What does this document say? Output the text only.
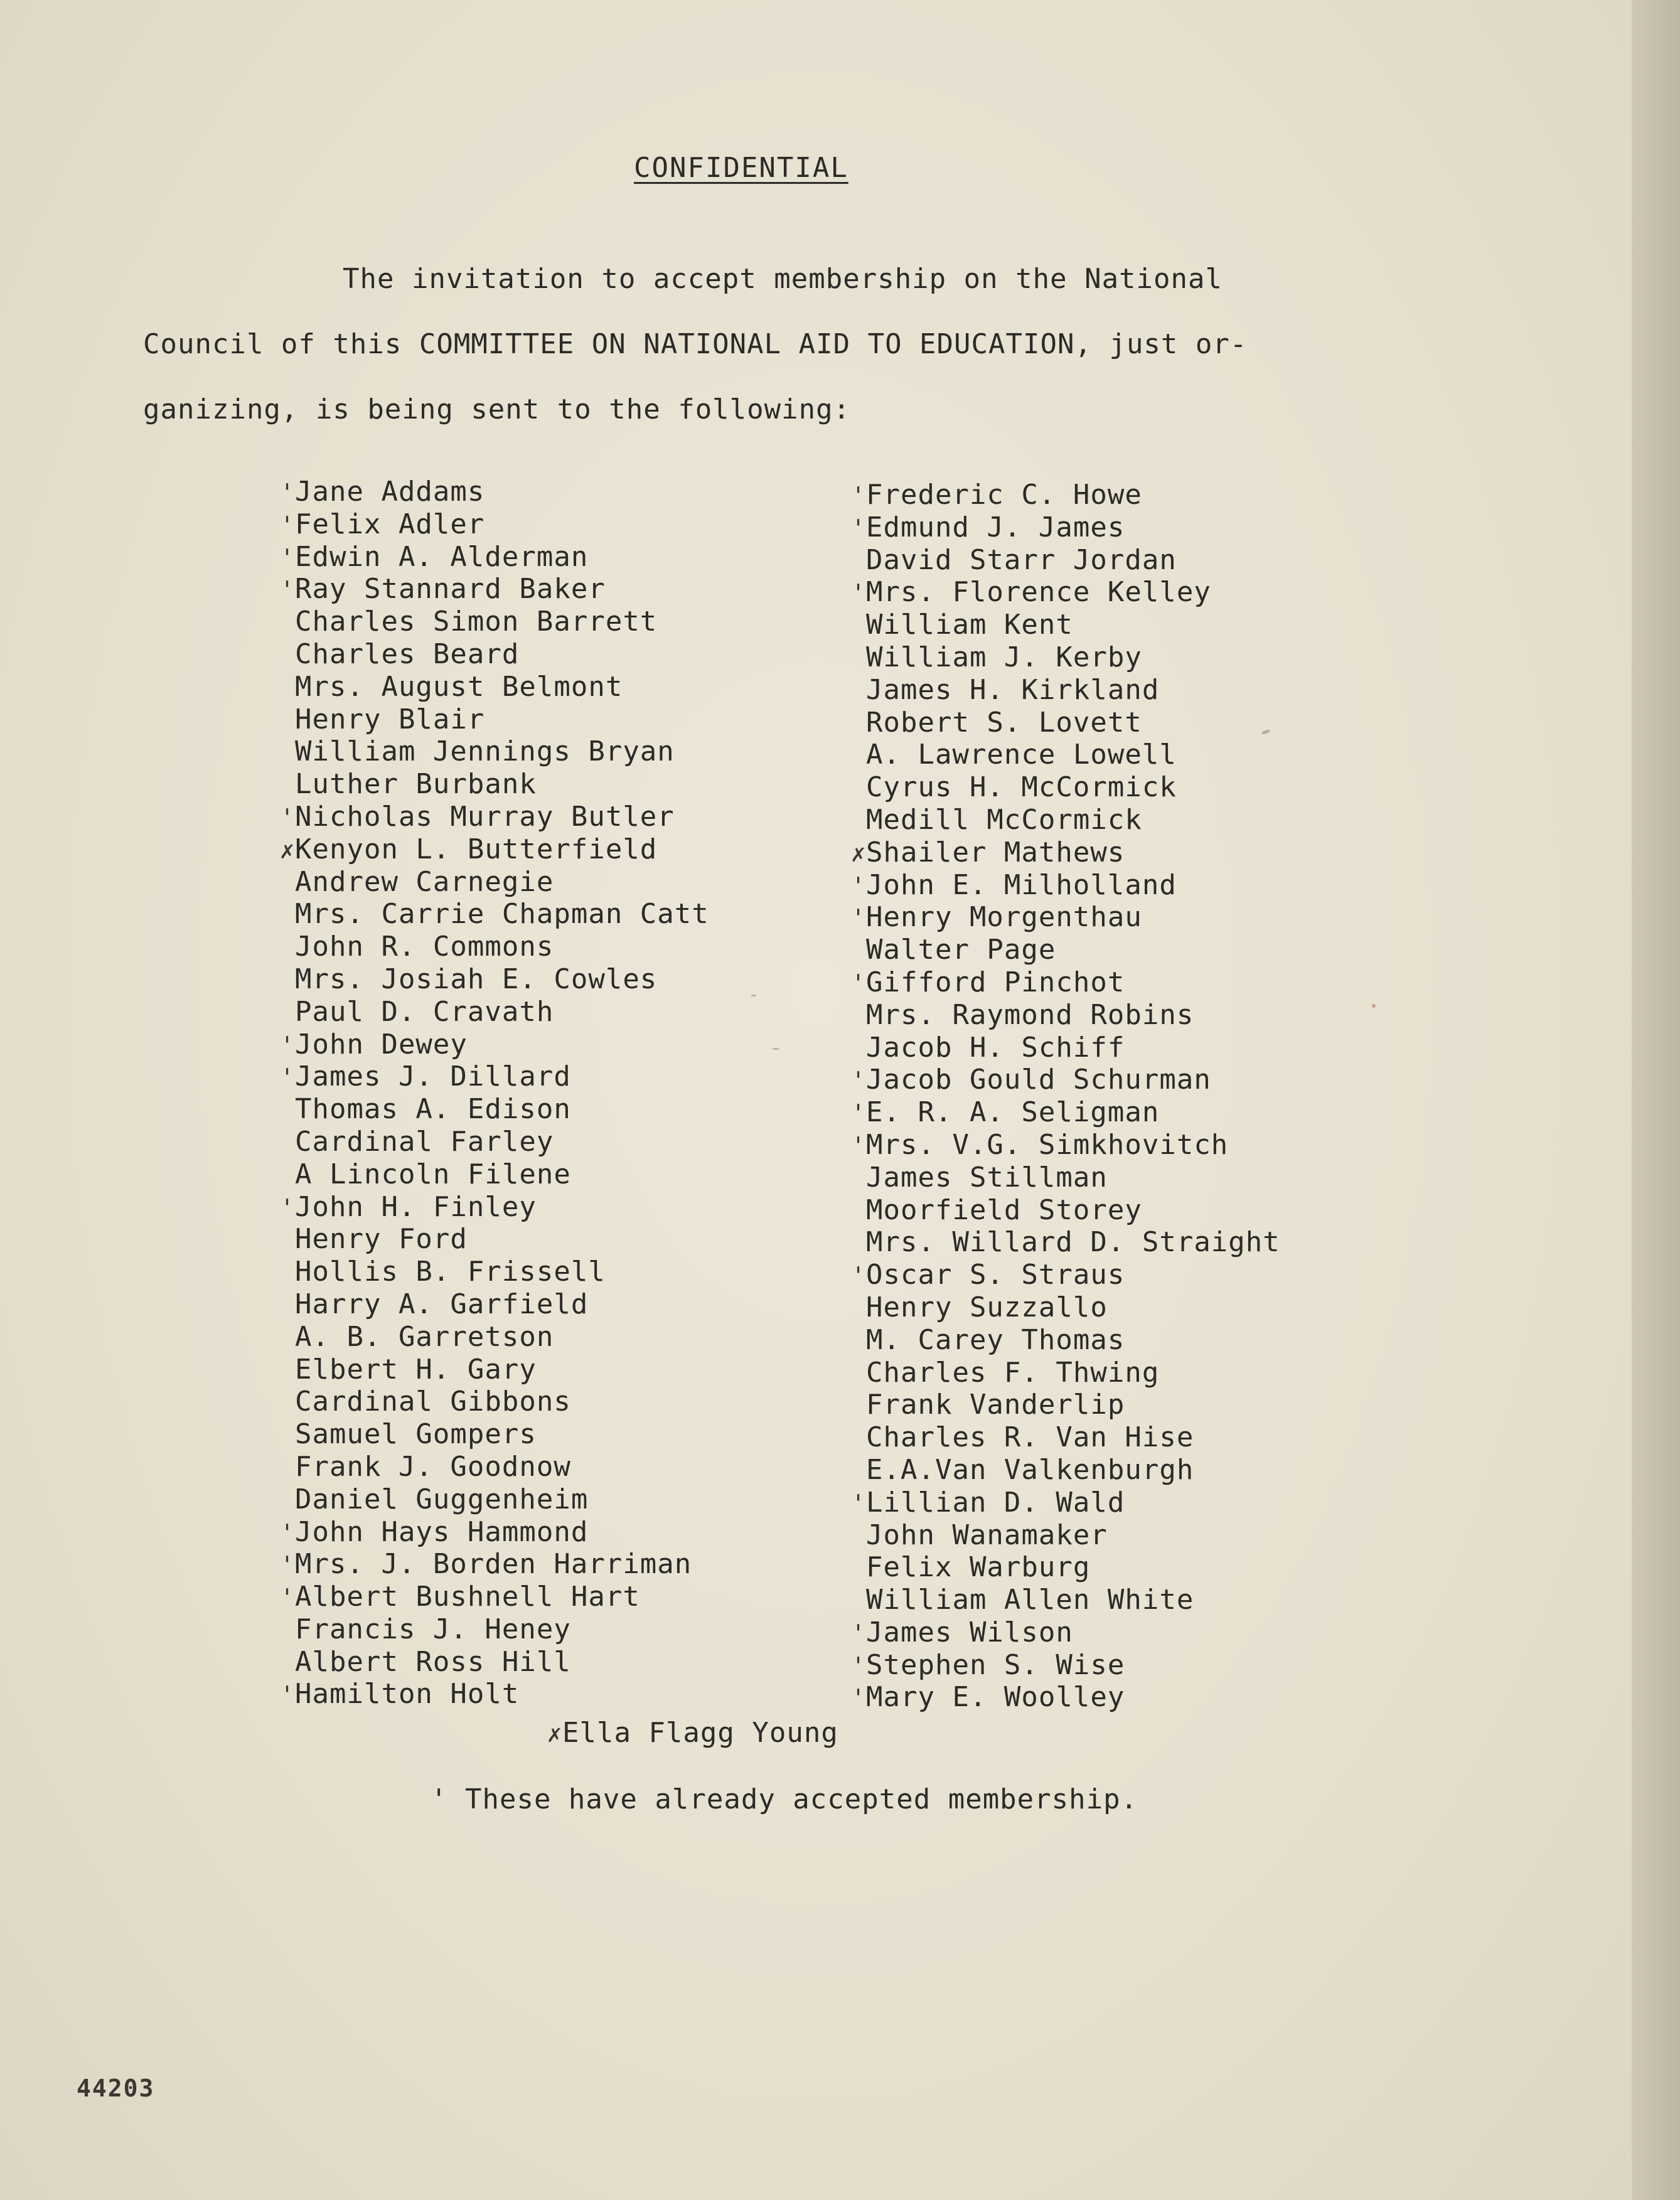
CONFIDENTIAL
The invitation to accept membership on the National
Council of this COMMITTEE ON NATIONAL AID TO EDUCATION, just or-
ganizing, is being sent to the following:
'Jane Addams
'Felix Adler
'Edwin A. Alderman
'Ray Stannard Baker
Charles Simon Barrett
Charles Beard
Mrs. August Belmont
Henry Blair
William Jennings Bryan
Luther Burbank
'Nicholas Murray Butler
✗Kenyon L. Butterfield
Andrew Carnegie
Mrs. Carrie Chapman Catt
John R. Commons
Mrs. Josiah E. Cowles
Paul D. Cravath
'John Dewey
'James J. Dillard
Thomas A. Edison
Cardinal Farley
A Lincoln Filene
'John H. Finley
Henry Ford
Hollis B. Frissell
Harry A. Garfield
A. B. Garretson
Elbert H. Gary
Cardinal Gibbons
Samuel Gompers
Frank J. Goodnow
Daniel Guggenheim
'John Hays Hammond
'Mrs. J. Borden Harriman
'Albert Bushnell Hart
Francis J. Heney
Albert Ross Hill
'Hamilton Holt
'Frederic C. Howe
'Edmund J. James
David Starr Jordan
'Mrs. Florence Kelley
William Kent
William J. Kerby
James H. Kirkland
Robert S. Lovett
A. Lawrence Lowell
Cyrus H. McCormick
Medill McCormick
✗Shailer Mathews
'John E. Milholland
'Henry Morgenthau
Walter Page
'Gifford Pinchot
Mrs. Raymond Robins
Jacob H. Schiff
'Jacob Gould Schurman
'E. R. A. Seligman
'Mrs. V.G. Simkhovitch
James Stillman
Moorfield Storey
Mrs. Willard D. Straight
'Oscar S. Straus
Henry Suzzallo
M. Carey Thomas
Charles F. Thwing
Frank Vanderlip
Charles R. Van Hise
E.A.Van Valkenburgh
'Lillian D. Wald
John Wanamaker
Felix Warburg
William Allen White
'James Wilson
'Stephen S. Wise
'Mary E. Woolley
✗Ella Flagg Young
' These have already accepted membership.
44203
